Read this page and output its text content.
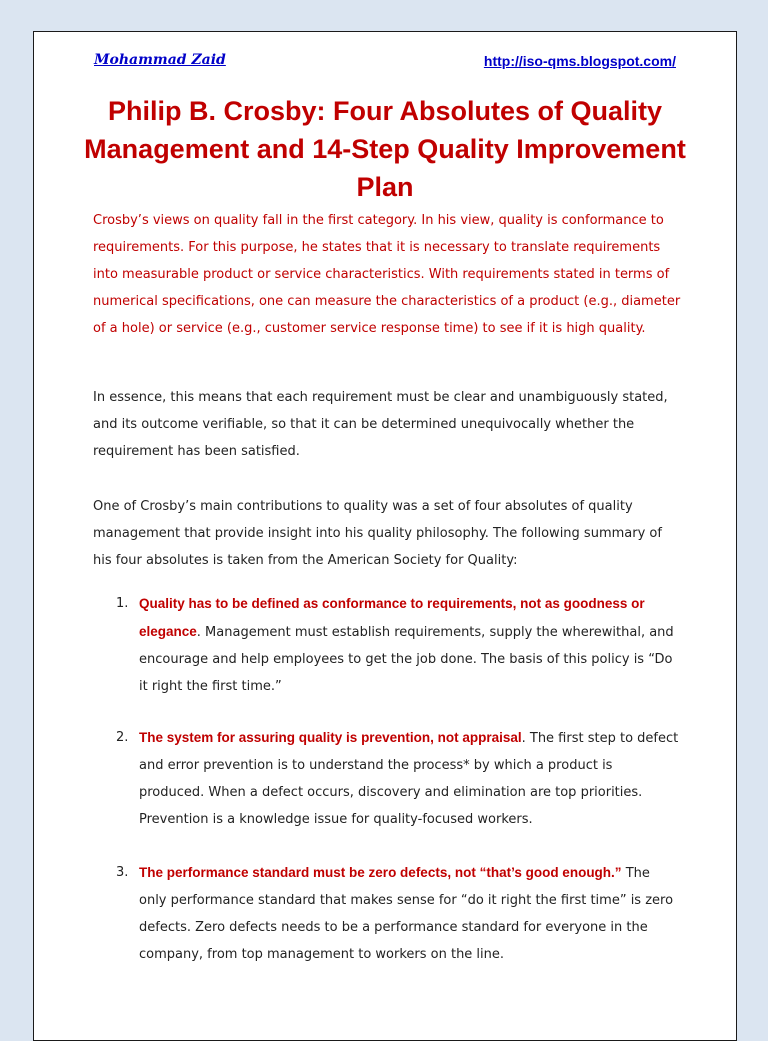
Mohammad Zaid	http://iso-qms.blogspot.com/
Philip B. Crosby: Four Absolutes of Quality Management and 14-Step Quality Improvement Plan

Crosby’s views on quality fall in the first category. In his view, quality is conformance to requirements. For this purpose, he states that it is necessary to translate requirements into measurable product or service characteristics. With requirements stated in terms of numerical specifications, one can measure the characteristics of a product (e.g., diameter of a hole) or service (e.g., customer service response time) to see if it is high quality.

In essence, this means that each requirement must be clear and unambiguously stated, and its outcome verifiable, so that it can be determined unequivocally whether the requirement has been satisfied.

One of Crosby’s main contributions to quality was a set of four absolutes of quality management that provide insight into his quality philosophy. The following summary of his four absolutes is taken from the American Society for Quality:

1. Quality has to be defined as conformance to requirements, not as goodness or elegance. Management must establish requirements, supply the wherewithal, and encourage and help employees to get the job done. The basis of this policy is “Do it right the first time.”
2. The system for assuring quality is prevention, not appraisal. The first step to defect and error prevention is to understand the process* by which a product is produced. When a defect occurs, discovery and elimination are top priorities. Prevention is a knowledge issue for quality-focused workers.
3. The performance standard must be zero defects, not “that’s good enough.” The only performance standard that makes sense for “do it right the first time” is zero defects. Zero defects needs to be a performance standard for everyone in the company, from top management to workers on the line.
